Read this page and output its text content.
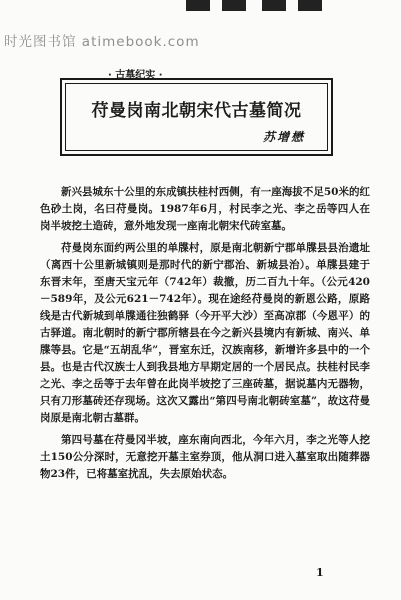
时光图书馆 atimebook.com
· 古墓纪实 ·
苻曼岗南北朝宋代古墓简况
苏增懋

新兴县城东十公里的东成镇扶桂村西侧，有一座海拔不足50米的红色砂土岗，名曰苻曼岗。1987年6月，村民李之光、李之岳等四人在岗半坡挖土造砖，意外地发现一座南北朝宋代砖室墓。

苻曼岗东面约两公里的单牒村，原是南北朝新宁郡单牒县县治遗址（离西十公里新城镇则是那时代的新宁郡治、新城县治）。单牒县建于东晋末年，至唐天宝元年（742年）裁撤，历二百九十年。（公元420－589年，及公元621－742年）。现在途经苻曼岗的新恩公路，原路线是古代新城到单牒通往独鹤驿（今开平大沙）至高凉郡（今恩平）的古驿道。南北朝时的新宁郡所辖县在今之新兴县境内有新城、南兴、单牒等县。它是“五胡乱华”，晋室东迁，汉族南移，新增许多县中的一个县。也是古代汉族士人到我县地方早期定居的一个居民点。扶桂村民李之光、李之岳等于去年曾在此岗半坡挖了三座砖墓，据说墓内无器物，只有刀形墓砖还存现场。这次又露出“第四号南北朝砖室墓”，故这苻曼岗原是南北朝古墓群。

第四号墓在苻曼冈半坡，座东南向西北，今年六月，李之光等人挖土150公分深时，无意挖开墓主室券顶，他从洞口进入墓室取出随葬器物23件，已将墓室扰乱，失去原始状态。

1
